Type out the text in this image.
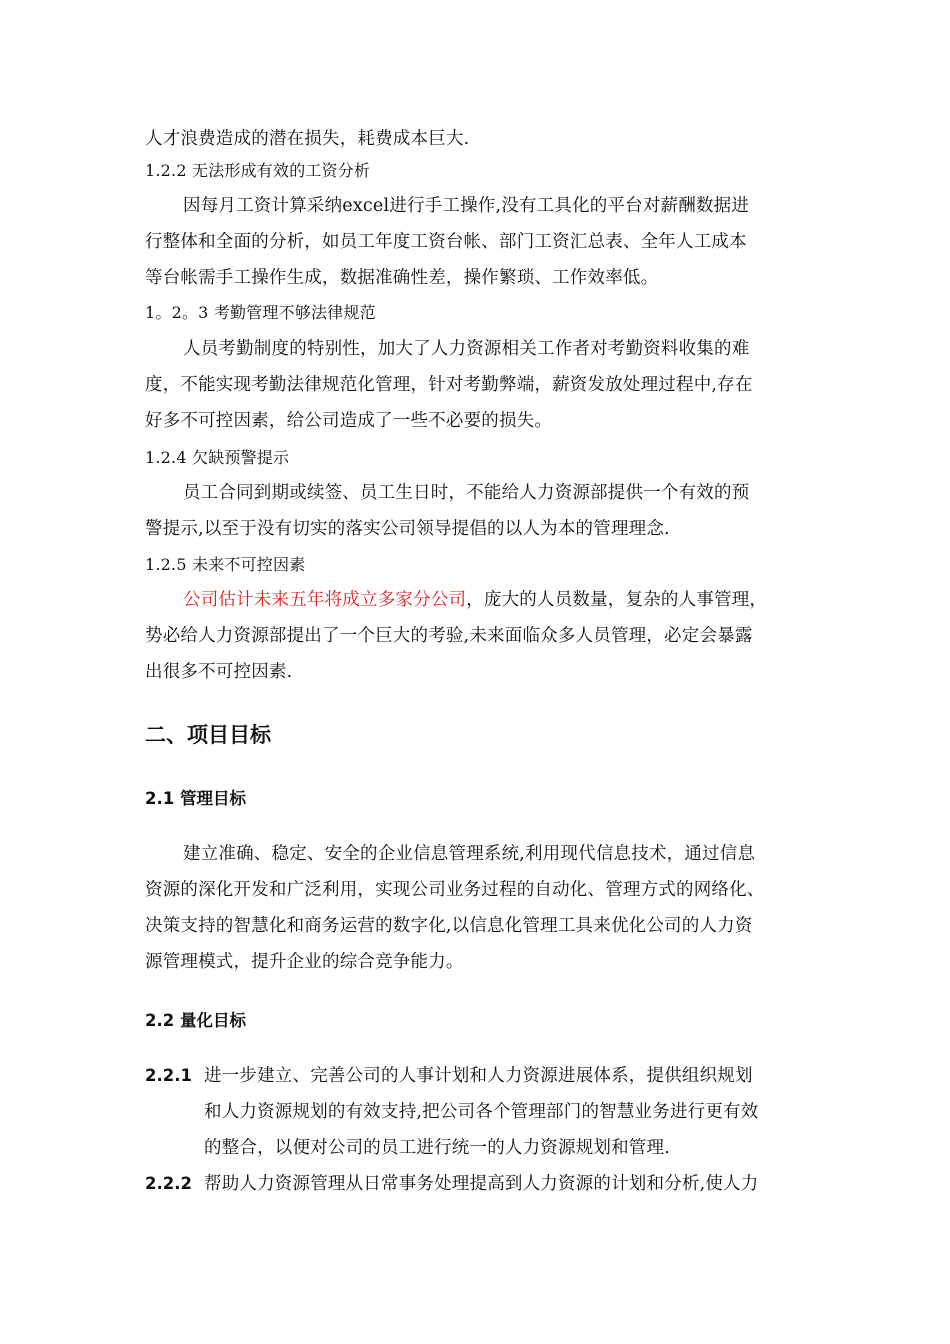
人才浪费造成的潜在损失，耗费成本巨大.
1.2.2 无法形成有效的工资分析
因每月工资计算采纳excel进行手工操作,没有工具化的平台对薪酬数据进
行整体和全面的分析，如员工年度工资台帐、部门工资汇总表、全年人工成本
等台帐需手工操作生成，数据准确性差，操作繁琐、工作效率低。
1。2。3 考勤管理不够法律规范
人员考勤制度的特别性，加大了人力资源相关工作者对考勤资料收集的难
度，不能实现考勤法律规范化管理，针对考勤弊端，薪资发放处理过程中,存在
好多不可控因素，给公司造成了一些不必要的损失。
1.2.4 欠缺预警提示
员工合同到期或续签、员工生日时，不能给人力资源部提供一个有效的预
警提示,以至于没有切实的落实公司领导提倡的以人为本的管理理念.
1.2.5 未来不可控因素
公司估计未来五年将成立多家分公司，庞大的人员数量，复杂的人事管理，
势必给人力资源部提出了一个巨大的考验,未来面临众多人员管理，必定会暴露
出很多不可控因素.
二、项目目标
2.1 管理目标
建立准确、稳定、安全的企业信息管理系统,利用现代信息技术，通过信息
资源的深化开发和广泛利用，实现公司业务过程的自动化、管理方式的网络化、
决策支持的智慧化和商务运营的数字化,以信息化管理工具来优化公司的人力资
源管理模式，提升企业的综合竞争能力。
2.2 量化目标
2.2.1 进一步建立、完善公司的人事计划和人力资源进展体系，提供组织规划
和人力资源规划的有效支持,把公司各个管理部门的智慧业务进行更有效
的整合，以便对公司的员工进行统一的人力资源规划和管理.
2.2.2 帮助人力资源管理从日常事务处理提高到人力资源的计划和分析,使人力
